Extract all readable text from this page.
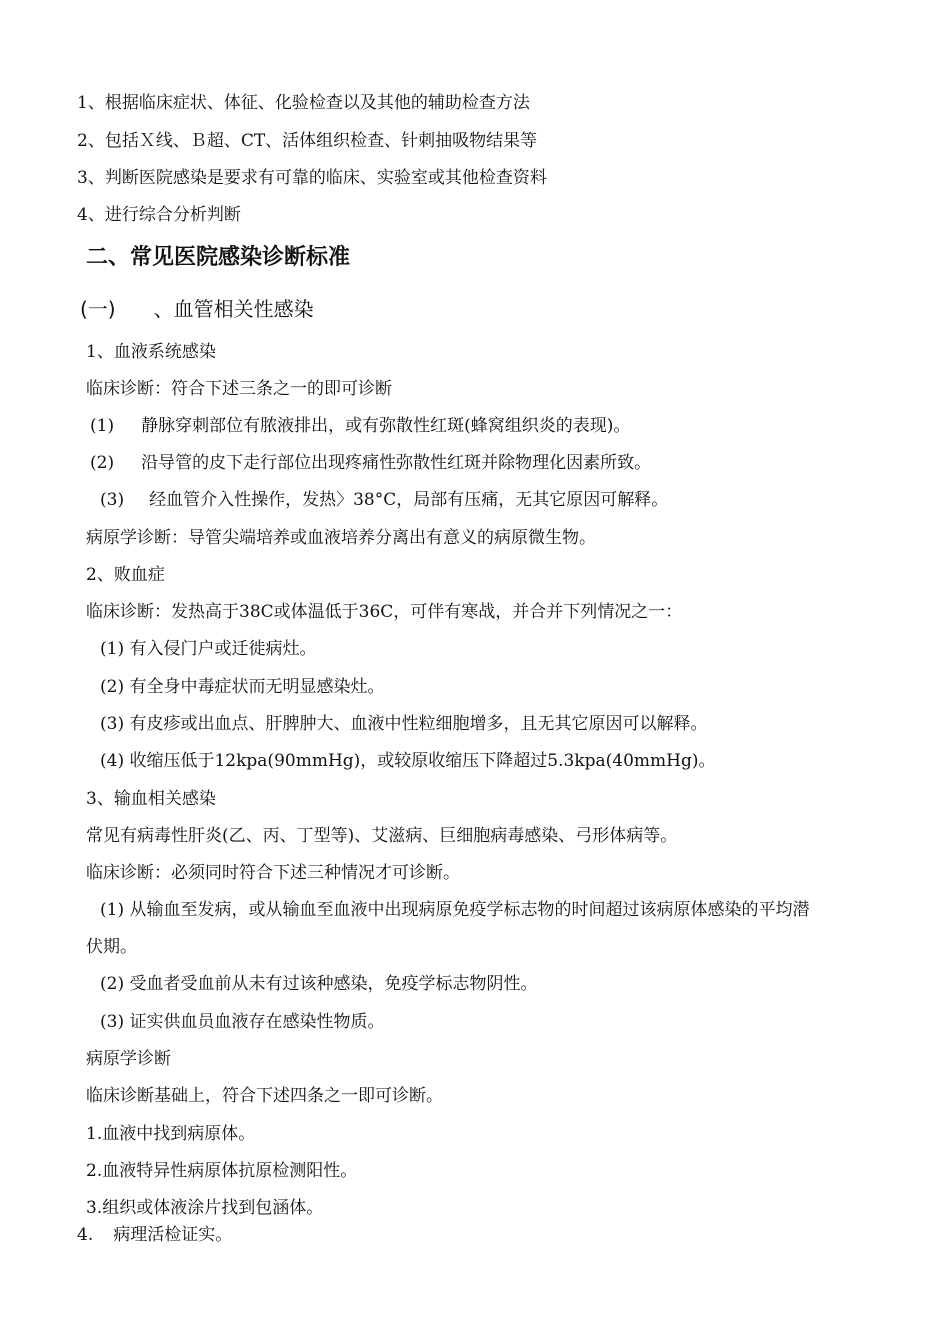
1、根据临床症状、体征、化验检查以及其他的辅助检查方法
2、包括Ｘ线、Ｂ超、CT、活体组织检查、针刺抽吸物结果等
3、判断医院感染是要求有可靠的临床、实验室或其他检查资料
4、进行综合分析判断
二、常见医院感染诊断标准
(一) 、血管相关性感染
1、血液系统感染
临床诊断：符合下述三条之一的即可诊断
(1) 静脉穿刺部位有脓液排出，或有弥散性红斑(蜂窝组织炎的表现)。
(2) 沿导管的皮下走行部位出现疼痛性弥散性红斑并除物理化因素所致。
(3) 经血管介入性操作，发热〉38°C，局部有压痛，无其它原因可解释。
病原学诊断：导管尖端培养或血液培养分离出有意义的病原微生物。
2、败血症
临床诊断：发热高于38C或体温低于36C，可伴有寒战，并合并下列情况之一：
(1) 有入侵门户或迁徙病灶。
(2) 有全身中毒症状而无明显感染灶。
(3) 有皮疹或出血点、肝脾肿大、血液中性粒细胞增多，且无其它原因可以解释。
(4) 收缩压低于12kpa(90mmHg)，或较原收缩压下降超过5.3kpa(40mmHg)。
3、输血相关感染
常见有病毒性肝炎(乙、丙、丁型等)、艾滋病、巨细胞病毒感染、弓形体病等。
临床诊断：必须同时符合下述三种情况才可诊断。
(1) 从输血至发病，或从输血至血液中出现病原免疫学标志物的时间超过该病原体感染的平均潜
伏期。
(2) 受血者受血前从未有过该种感染，免疫学标志物阴性。
(3) 证实供血员血液存在感染性物质。
病原学诊断
临床诊断基础上，符合下述四条之一即可诊断。
1.血液中找到病原体。
2.血液特异性病原体抗原检测阳性。
3.组织或体液涂片找到包涵体。
4. 病理活检证实。
